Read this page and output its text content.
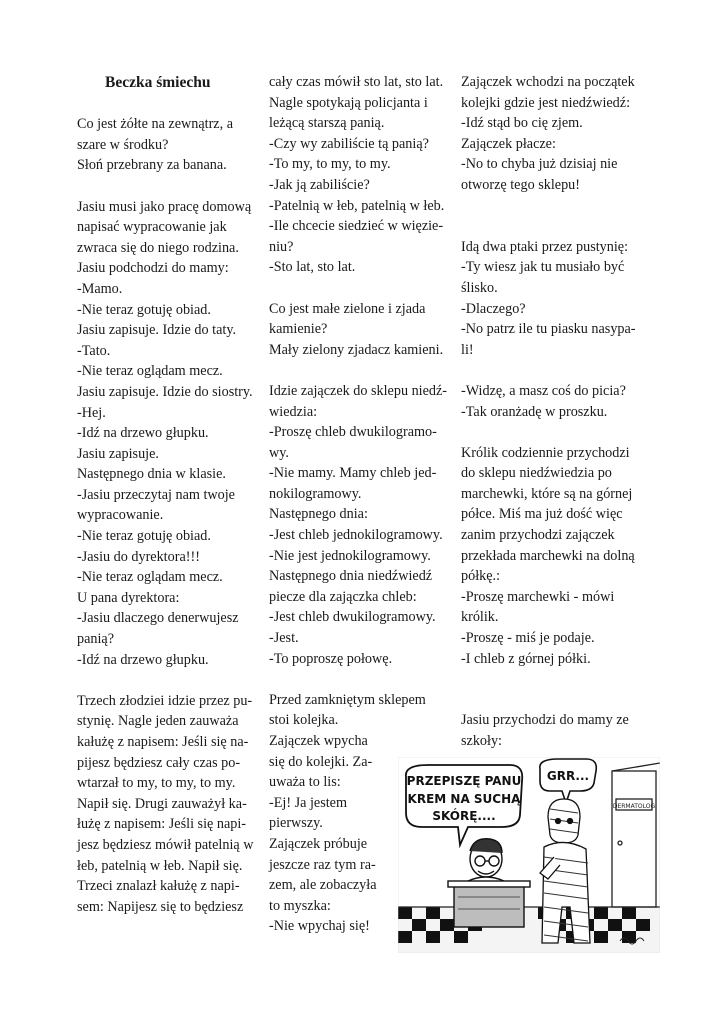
Beczka śmiechu

Co jest żółte na zewnątrz, a

szare w środku?

Słoń przebrany za banana.

Jasiu musi jako pracę domową

napisać wypracowanie jak

zwraca się do niego rodzina.

Jasiu podchodzi do mamy:

-Mamo.

-Nie teraz gotuję obiad.

Jasiu zapisuje. Idzie do taty.

-Tato.

-Nie teraz oglądam mecz.

Jasiu zapisuje. Idzie do siostry.

-Hej.

-Idź na drzewo głupku.

Jasiu zapisuje.

Następnego dnia w klasie.

-Jasiu przeczytaj nam twoje

wypracowanie.

-Nie teraz gotuję obiad.

-Jasiu do dyrektora!!!

-Nie teraz oglądam mecz.

U pana dyrektora:

-Jasiu dlaczego denerwujesz

panią?

-Idź na drzewo głupku.

Trzech złodziei idzie przez pu-

stynię. Nagle jeden zauważa

kałużę z napisem: Jeśli się na-

pijesz będziesz cały czas po-

wtarzał to my, to my, to my.

Napił się. Drugi zauważył ka-

łużę z napisem: Jeśli się napi-

jesz będziesz mówił patelnią w

łeb, patelnią w łeb. Napił się.

Trzeci znalazł kałużę z napi-

sem: Napijesz się to będziesz

cały czas mówił sto lat, sto lat.

Nagle spotykają policjanta i

leżącą starszą panią.

-Czy wy zabiliście tą panią?

-To my, to my, to my.

-Jak ją zabiliście?

-Patelnią w łeb, patelnią w łeb.

-Ile chcecie siedzieć w więzie-

niu?

-Sto lat, sto lat.

Co jest małe zielone i zjada

kamienie?

Mały zielony zjadacz kamieni.

Idzie zajączek do sklepu niedź-

wiedzia:

-Proszę chleb dwukilogramo-

wy.

-Nie mamy. Mamy chleb jed-

nokilogramowy.

Następnego dnia:

-Jest chleb jednokilogramowy.

-Nie jest jednokilogramowy.

Następnego dnia niedźwiedź

piecze dla zajączka chleb:

-Jest chleb dwukilogramowy.

-Jest.

-To poproszę połowę.

Przed zamkniętym sklepem

stoi kolejka.

Zajączek wpycha

się do kolejki. Za-

uważa to lis:

-Ej! Ja jestem

pierwszy.

Zajączek próbuje

jeszcze raz tym ra-

zem, ale zobaczyła

to myszka:

-Nie wpychaj się!

Zajączek wchodzi na początek

kolejki gdzie jest niedźwiedź:

-Idź stąd bo cię zjem.

Zajączek płacze:

-No to chyba już dzisiaj nie

otworzę tego sklepu!

Idą dwa ptaki przez pustynię:

-Ty wiesz jak tu musiało być

ślisko.

-Dlaczego?

-No patrz ile tu piasku nasypa-

li!

-Widzę, a masz coś do picia?

-Tak oranżadę w proszku.

Królik codziennie przychodzi

do sklepu niedźwiedzia po

marchewki, które są na górnej

półce. Miś ma już dość więc

zanim przychodzi zajączek

przekłada marchewki na dolną

półkę.:

-Proszę marchewki - mówi

królik.

-Proszę - miś je podaje.

-I chleb z górnej półki.

Jasiu przychodzi do mamy ze

szkoły:

DERMATOLOG
PRZEPISZĘ PANU
KREM NA SUCHĄ
SKÓRĘ....
GRR...
